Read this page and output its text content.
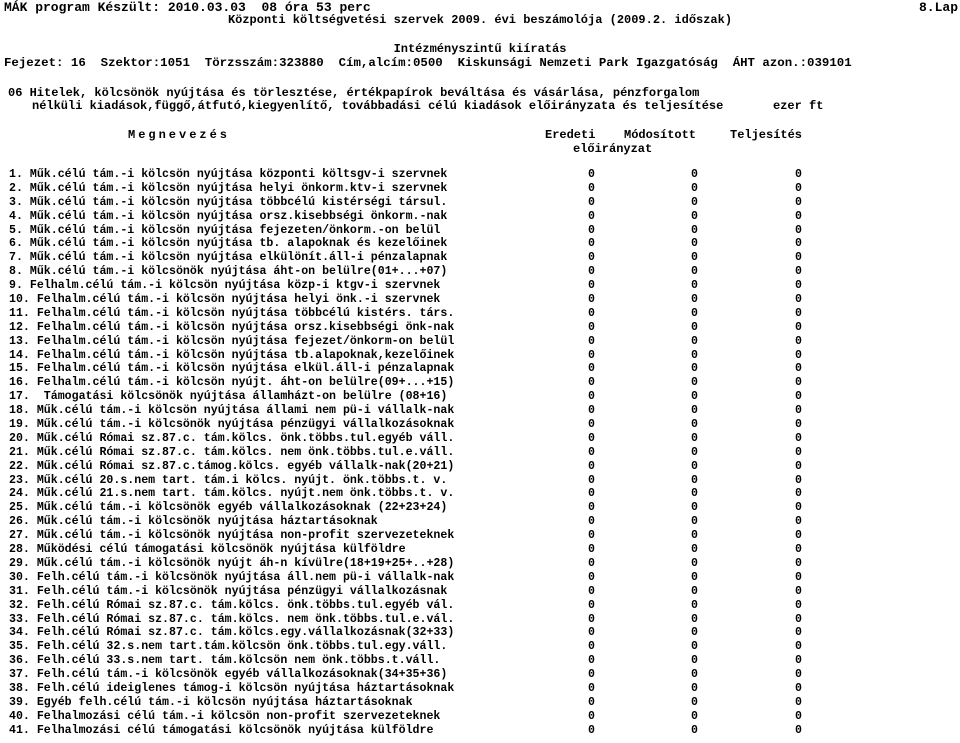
MÁK program Készült: 2010.03.03  08 óra 53 perc	8.Lap
Központi költségvetési szervek 2009. évi beszámolója (2009.2. időszak)
Intézményszintű kiíratás
Fejezet: 16  Szektor:1051  Törzsszám:323880  Cím,alcím:0500  Kiskunsági Nemzeti Park Igazgatóság  ÁHT azon.:039101
06 Hitelek, kölcsönök nyújtása és törlesztése, értékpapírok beváltása és vásárlása, pénzforgalom
nélküli kiadások,függő,átfutó,kiegyenlítő, továbbadási célú kiadások előirányzata és teljesítése	ezer ft
Megnevezés	Eredeti Módosított	Teljesítés
előirányzat
1. Műk.célú tám.-i kölcsön nyújtása központi költsgv-i szervnek	0	0	0
2. Műk.célú tám.-i kölcsön nyújtása helyi önkorm.ktv-i szervnek	0	0	0
3. Műk.célú tám.-i kölcsön nyújtása többcélú kistérségi társul.	0	0	0
4. Műk.célú tám.-i kölcsön nyújtása orsz.kisebbségi önkorm.-nak	0	0	0
5. Műk.célú tám.-i kölcsön nyújtása fejezeten/önkorm.-on belül	0	0	0
6. Műk.célú tám.-i kölcsön nyújtása tb. alapoknak és kezelőinek	0	0	0
7. Műk.célú tám.-i kölcsön nyújtása elkülönít.áll-i pénzalapnak	0	0	0
8. Műk.célú tám.-i kölcsönök nyújtása áht-on belülre(01+...+07)	0	0	0
9. Felhalm.célú tám.-i kölcsön nyújtása közp-i ktgv-i szervnek	0	0	0
10. Felhalm.célú tám.-i kölcsön nyújtása helyi önk.-i szervnek	0	0	0
11. Felhalm.célú tám.-i kölcsön nyújtása többcélú kistérs. társ.	0	0	0
12. Felhalm.célú tám.-i kölcsön nyújtása orsz.kisebbségi önk-nak	0	0	0
13. Felhalm.célú tám.-i kölcsön nyújtása fejezet/önkorm-on belül	0	0	0
14. Felhalm.célú tám.-i kölcsön nyújtása tb.alapoknak,kezelőinek	0	0	0
15. Felhalm.célú tám.-i kölcsön nyújtása elkül.áll-i pénzalapnak	0	0	0
16. Felhalm.célú tám.-i kölcsön nyújt. áht-on belülre(09+...+15)	0	0	0
17.  Támogatási kölcsönök nyújtása államházt-on belülre (08+16)	0	0	0
18. Műk.célú tám.-i kölcsön nyújtása állami nem pü-i vállalk-nak	0	0	0
19. Műk.célú tám.-i kölcsönök nyújtása pénzügyi vállalkozásoknak	0	0	0
20. Műk.célú Római sz.87.c. tám.kölcs. önk.többs.tul.egyéb váll.	0	0	0
21. Műk.célú Római sz.87.c. tám.kölcs. nem önk.többs.tul.e.váll.	0	0	0
22. Műk.célú Római sz.87.c.támog.kölcs. egyéb vállalk-nak(20+21)	0	0	0
23. Műk.célú 20.s.nem tart. tám.i kölcs. nyújt. önk.többs.t. v.	0	0	0
24. Műk.célú 21.s.nem tart. tám.kölcs. nyújt.nem önk.többs.t. v.	0	0	0
25. Műk.célú tám.-i kölcsönök egyéb vállalkozásoknak (22+23+24)	0	0	0
26. Műk.célú tám.-i kölcsönök nyújtása háztartásoknak	0	0	0
27. Műk.célú tám.-i kölcsönök nyújtása non-profit szervezeteknek	0	0	0
28. Működési célú támogatási kölcsönök nyújtása külföldre	0	0	0
29. Műk.célú tám.-i kölcsönök nyújt áh-n kívülre(18+19+25+..+28)	0	0	0
30. Felh.célú tám.-i kölcsönök nyújtása áll.nem pü-i vállalk-nak	0	0	0
31. Felh.célú tám.-i kölcsönök nyújtása pénzügyi vállalkozásnak	0	0	0
32. Felh.célú Római sz.87.c. tám.kölcs. önk.többs.tul.egyéb vál.	0	0	0
33. Felh.célú Római sz.87.c. tám.kölcs. nem önk.többs.tul.e.vál.	0	0	0
34. Felh.célú Római sz.87.c. tám.kölcs.egy.vállalkozásnak(32+33)	0	0	0
35. Felh.célú 32.s.nem tart.tám.kölcsön önk.többs.tul.egy.váll.	0	0	0
36. Felh.célú 33.s.nem tart. tám.kölcsön nem önk.többs.t.váll.	0	0	0
37. Felh.célú tám.-i kölcsönök egyéb vállalkozásoknak(34+35+36)	0	0	0
38. Felh.célú ideiglenes támog-i kölcsön nyújtása háztartásoknak	0	0	0
39. Egyéb felh.célú tám.-i kölcsön nyújtása háztartásoknak	0	0	0
40. Felhalmozási célú tám.-i kölcsön non-profit szervezeteknek	0	0	0
41. Felhalmozási célú támogatási kölcsönök nyújtása külföldre	0	0	0
